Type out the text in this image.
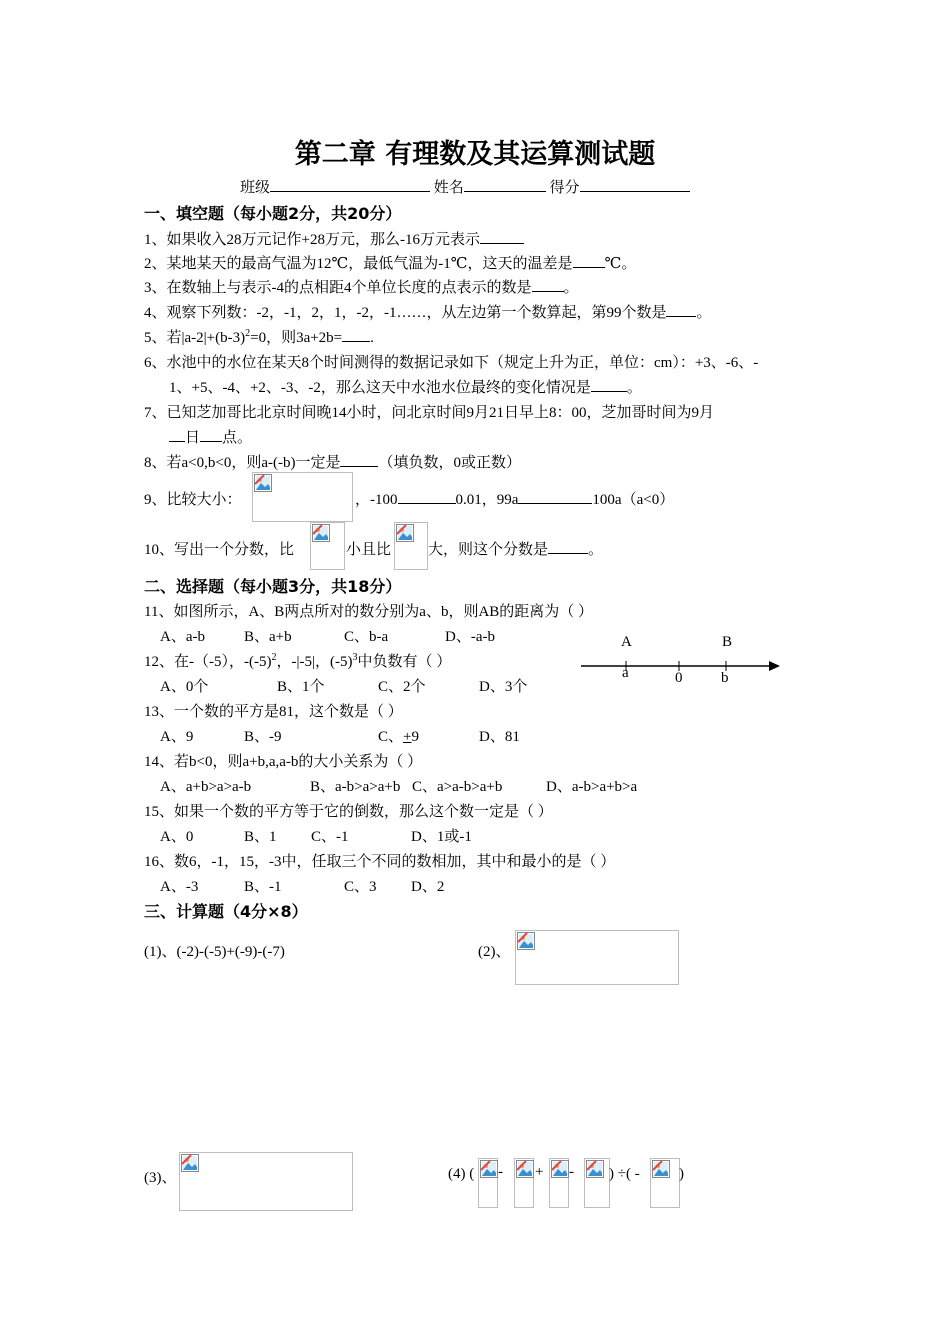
第二章 有理数及其运算测试题
班级	姓名	得分
一、填空题（每小题2分，共20分）
1、如果收入28万元记作+28万元，那么-16万元表示
2、某地某天的最高气温为12℃，最低气温为-1℃，这天的温差是 ℃。
3、在数轴上与表示-4的点相距4个单位长度的点表示的数是 。
4、观察下列数：-2，-1，2，1，-2，-1……，从左边第一个数算起，第99个数是 。
5、若$|a-2|+(b-3)^2=0$，则3a+2b= .
6、水池中的水位在某天8个时间测得的数据记录如下（规定上升为正，单位：cm）：+3、-6、-
1、+5、-4、+2、-3、-2，那么这天中水池水位最终的变化情况是 。
7、已知芝加哥比北京时间晚14小时，问北京时间9月21日早上8：00，芝加哥时间为9月
日 点。
8、若a<0,b<0，则a-(-b)一定是	（填负数，0或正数）
9、比较大小：	，-100	0.01，99a	100a（a<0）
10、写出一个分数，比	小且比 大，则这个分数是	。
二、选择题（每小题3分，共18分）
11、如图所示，A、B两点所对的数分别为a、b，则AB的距离为（ ）
A、a-b	B、a+b	C、b-a	D、-a-b	A	B
a	0	b
12、在-（-5），$-(-5)^2$，-|-5|，$(-5)^3$中负数有（ ）
A、0个	B、1个	C、2个	D、3个
13、一个数的平方是81，这个数是（ ）
A、9	B、-9	C、+9	D、81
14、若b<0，则a+b,a,a-b的大小关系为（ ）
A、a+b>a>a-b	B、a-b>a>a+b C、a>a-b>a+b	D、a-b>a+b>a
15、如果一个数的平方等于它的倒数，那么这个数一定是（ ）
A、0	B、1 C、-1	D、1或-1
16、数6，-1，15，-3中，任取三个不同的数相加，其中和最小的是（ ）
A、-3	B、-1	C、3 D、2
三、计算题（4分×8）
(1)、(-2)-(-5)+(-9)-(-7)	(2)、
(3)、	(4) ( - + - ) ÷( -	)
